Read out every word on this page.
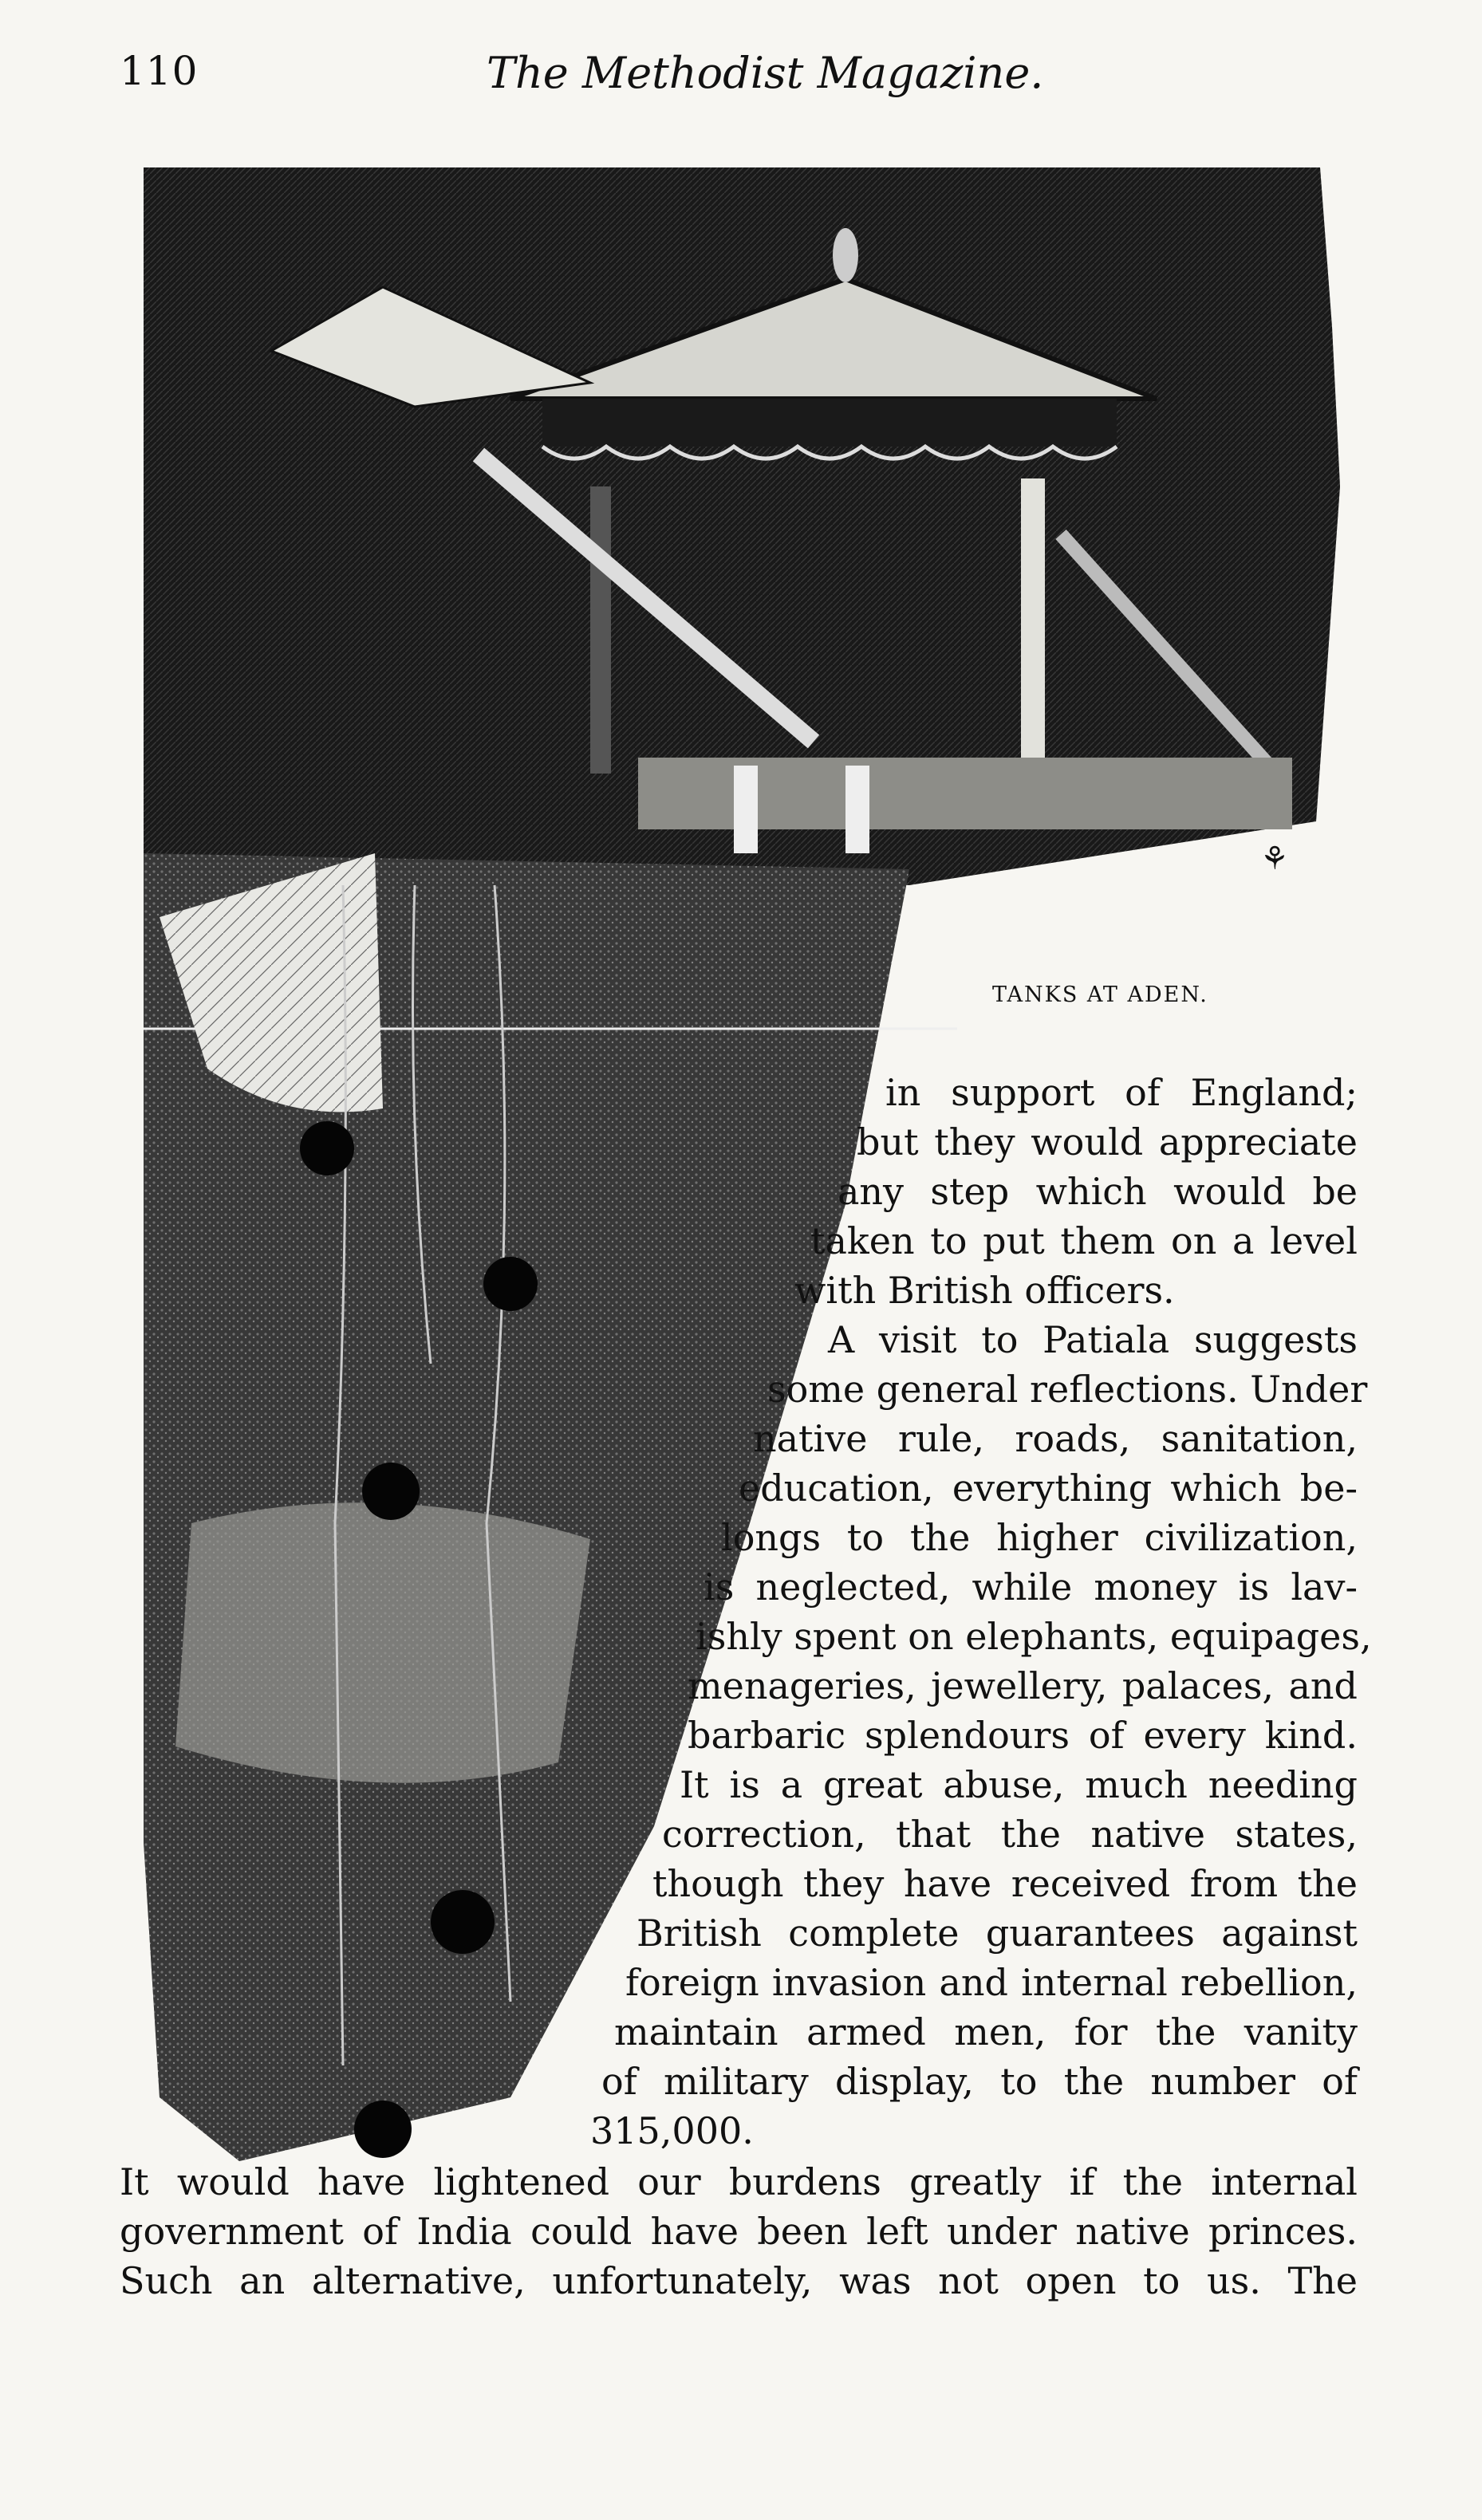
110	The Methodist Magazine.
⚘
TANKS AT ADEN.
in support of England;
but they would appreciate
any step which would be
taken to put them on a level
with British officers.
A visit to Patiala suggests
some general reflections. Under
native rule, roads, sanitation,
education, everything which be-
longs to the higher civilization,
is neglected, while money is lav-
ishly spent on elephants, equipages,
menageries, jewellery, palaces, and
barbaric splendours of every kind.
It is a great abuse, much needing
correction, that the native states,
though they have received from the
British complete guarantees against
foreign invasion and internal rebellion,
maintain armed men, for the vanity
of military display, to the number of
315,000.
It would have lightened our burdens greatly if the internal
government of India could have been left under native princes.
Such an alternative, unfortunately, was not open to us. The
